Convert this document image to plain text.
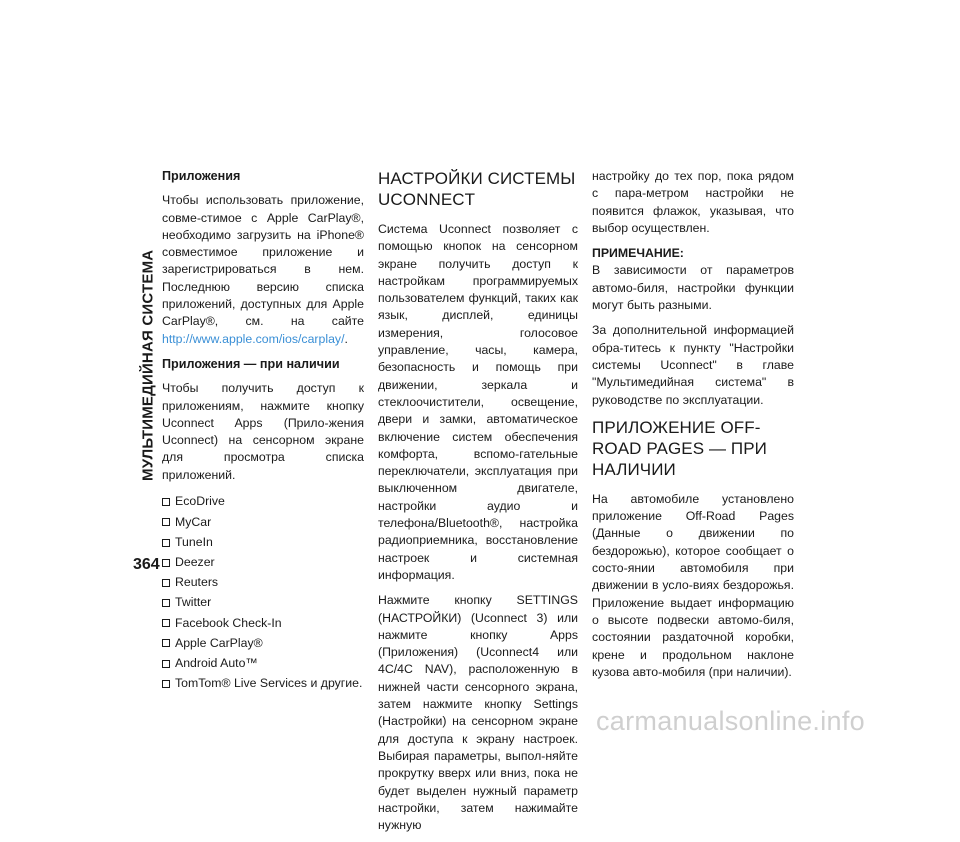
МУЛЬТИМЕДИЙНАЯ СИСТЕМА
364
Приложения

Чтобы использовать приложение, совме-стимое с Apple CarPlay®, необходимо загрузить на iPhone® совместимое приложение и зарегистрироваться в нем. Последнюю версию списка приложений, доступных для Apple CarPlay®, см. на сайте http://www.apple.com/ios/carplay/.

Приложения — при наличии

Чтобы получить доступ к приложениям, нажмите кнопку Uconnect Apps (Прило-жения Uconnect) на сенсорном экране для просмотра списка приложений.

EcoDrive
MyCar
TuneIn
Deezer
Reuters
Twitter
Facebook Check-In
Apple CarPlay®
Android Auto™
TomTom® Live Services и другие.
НАСТРОЙКИ СИСТЕМЫ UCONNECT

Система Uconnect позволяет с помощью кнопок на сенсорном экране получить доступ к настройкам программируемых пользователем функций, таких как язык, дисплей, единицы измерения, голосовое управление, часы, камера, безопасность и помощь при движении, зеркала и стеклоочистители, освещение, двери и замки, автоматическое включение систем обеспечения комфорта, вспомо-гательные переключатели, эксплуатация при выключенном двигателе, настройки аудио и телефона/Bluetooth®, настройка радиоприемника, восстановление настроек и системная информация.

Нажмите кнопку SETTINGS (НАСТРОЙКИ) (Uconnect 3) или нажмите кнопку Apps (Приложения) (Uconnect4 или 4C/4C NAV), расположенную в нижней части сенсорного экрана, затем нажмите кнопку Settings (Настройки) на сенсорном экране для доступа к экрану настроек. Выбирая параметры, выпол-няйте прокрутку вверх или вниз, пока не будет выделен нужный параметр настройки, затем нажимайте нужную

настройку до тех пор, пока рядом с пара-метром настройки не появится флажок, указывая, что выбор осуществлен.

ПРИМЕЧАНИЕ:

В зависимости от параметров автомо-биля, настройки функции могут быть разными.

За дополнительной информацией обра-титесь к пункту "Настройки системы Uconnect" в главе "Мультимедийная система" в руководстве по эксплуатации.

ПРИЛОЖЕНИЕ OFF-ROAD PAGES — ПРИ НАЛИЧИИ

На автомобиле установлено приложение Off-Road Pages (Данные о движении по бездорожью), которое сообщает о состо-янии автомобиля при движении в усло-виях бездорожья. Приложение выдает информацию о высоте подвески автомо-биля, состоянии раздаточной коробки, крене и продольном наклоне кузова авто-мобиля (при наличии).

carmanualsonline.info
